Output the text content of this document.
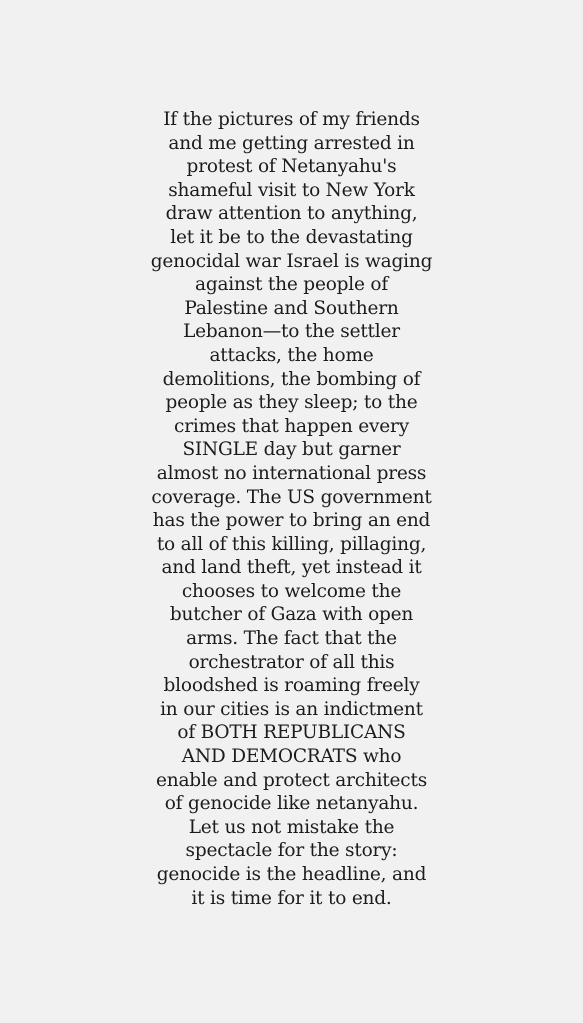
If the pictures of my friends
and me getting arrested in
protest of Netanyahu's
shameful visit to New York
draw attention to anything,
let it be to the devastating
genocidal war Israel is waging
against the people of
Palestine and Southern
Lebanon—to the settler
attacks, the home
demolitions, the bombing of
people as they sleep; to the
crimes that happen every
SINGLE day but garner
almost no international press
coverage. The US government
has the power to bring an end
to all of this killing, pillaging,
and land theft, yet instead it
chooses to welcome the
butcher of Gaza with open
arms. The fact that the
orchestrator of all this
bloodshed is roaming freely
in our cities is an indictment
of BOTH REPUBLICANS
AND DEMOCRATS who
enable and protect architects
of genocide like netanyahu.
Let us not mistake the
spectacle for the story:
genocide is the headline, and
it is time for it to end.
